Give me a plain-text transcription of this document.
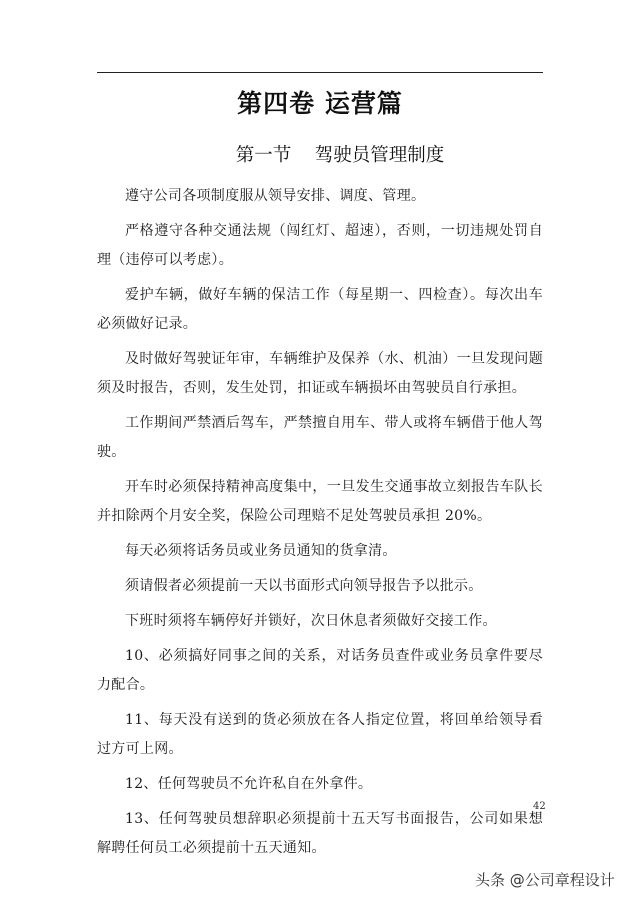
第四卷 运营篇
第一节    驾驶员管理制度

遵守公司各项制度服从领导安排、调度、管理。

严格遵守各种交通法规（闯红灯、超速），否则，一切违规处罚自理（违停可以考虑）。

爱护车辆，做好车辆的保洁工作（每星期一、四检查）。每次出车必须做好记录。

及时做好驾驶证年审，车辆维护及保养（水、机油）一旦发现问题须及时报告，否则，发生处罚，扣证或车辆损坏由驾驶员自行承担。

工作期间严禁酒后驾车，严禁擅自用车、带人或将车辆借于他人驾驶。

开车时必须保持精神高度集中，一旦发生交通事故立刻报告车队长并扣除两个月安全奖，保险公司理赔不足处驾驶员承担 20%。

每天必须将话务员或业务员通知的货拿清。

须请假者必须提前一天以书面形式向领导报告予以批示。

下班时须将车辆停好并锁好，次日休息者须做好交接工作。

10、必须搞好同事之间的关系，对话务员查件或业务员拿件要尽力配合。

11、每天没有送到的货必须放在各人指定位置，将回单给领导看过方可上网。

12、任何驾驶员不允许私自在外拿件。

13、任何驾驶员想辞职必须提前十五天写书面报告，公司如果想解聘任何员工必须提前十五天通知。

42
头条 @公司章程设计
